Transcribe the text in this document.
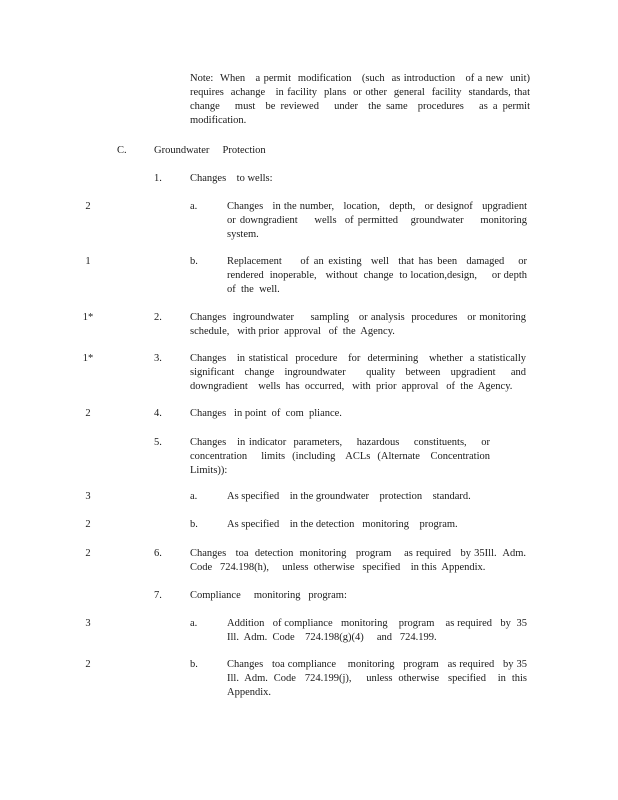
Note:  When   a permit  modification   (such  as introduction   of a new  unit) requires  achange   in facility  plans  or other  general  facility  standards, that change   must  be reviewed   under  the same  procedures   as a permit modification.
C.	Groundwater     Protection
1.	Changes    to wells:
2	a.	Changes   in the number,   location,   depth,   or designof   upgradient or downgradient    wells  of permitted   groundwater    monitoring system.
1	b.	Replacement    of an existing  well  that has been  damaged   or rendered  inoperable,   without  change  to location,design,     or depth  of  the  well.
1*	2.	Changes  ingroundwater     sampling   or analysis  procedures   or monitoring schedule,   with prior  approval   of  the  Agency.
1*	3.	Changes   in statistical  procedure   for  determining   whether  a statistically significant  change  ingroundwater    quality  between  upgradient   and downgradient    wells  has  occurred,   with  prior  approval   of  the  Agency.
2	4.	Changes   in point  of  com  pliance.
5.	Changes   in indicator  parameters,    hazardous    constituents,    or concentration    limits  (including   ACLs  (Alternate   Concentration Limits)):
3	a.	As specified    in the groundwater    protection    standard.
2	b.	As specified    in the detection   monitoring    program.
2	6.	Changes   toa  detection  monitoring   program    as required   by 35Ill.  Adm. Code   724.198(h),     unless  otherwise   specified    in this  Appendix.
7.	Compliance     monitoring   program:
3	a.	Addition   of compliance   monitoring    program    as required   by  35 Ill.  Adm.  Code    724.198(g)(4)     and   724.199.
2	b.	Changes   toa compliance    monitoring   program   as required   by 35 Ill.  Adm.  Code   724.199(j),     unless  otherwise   specified    in  this Appendix.
